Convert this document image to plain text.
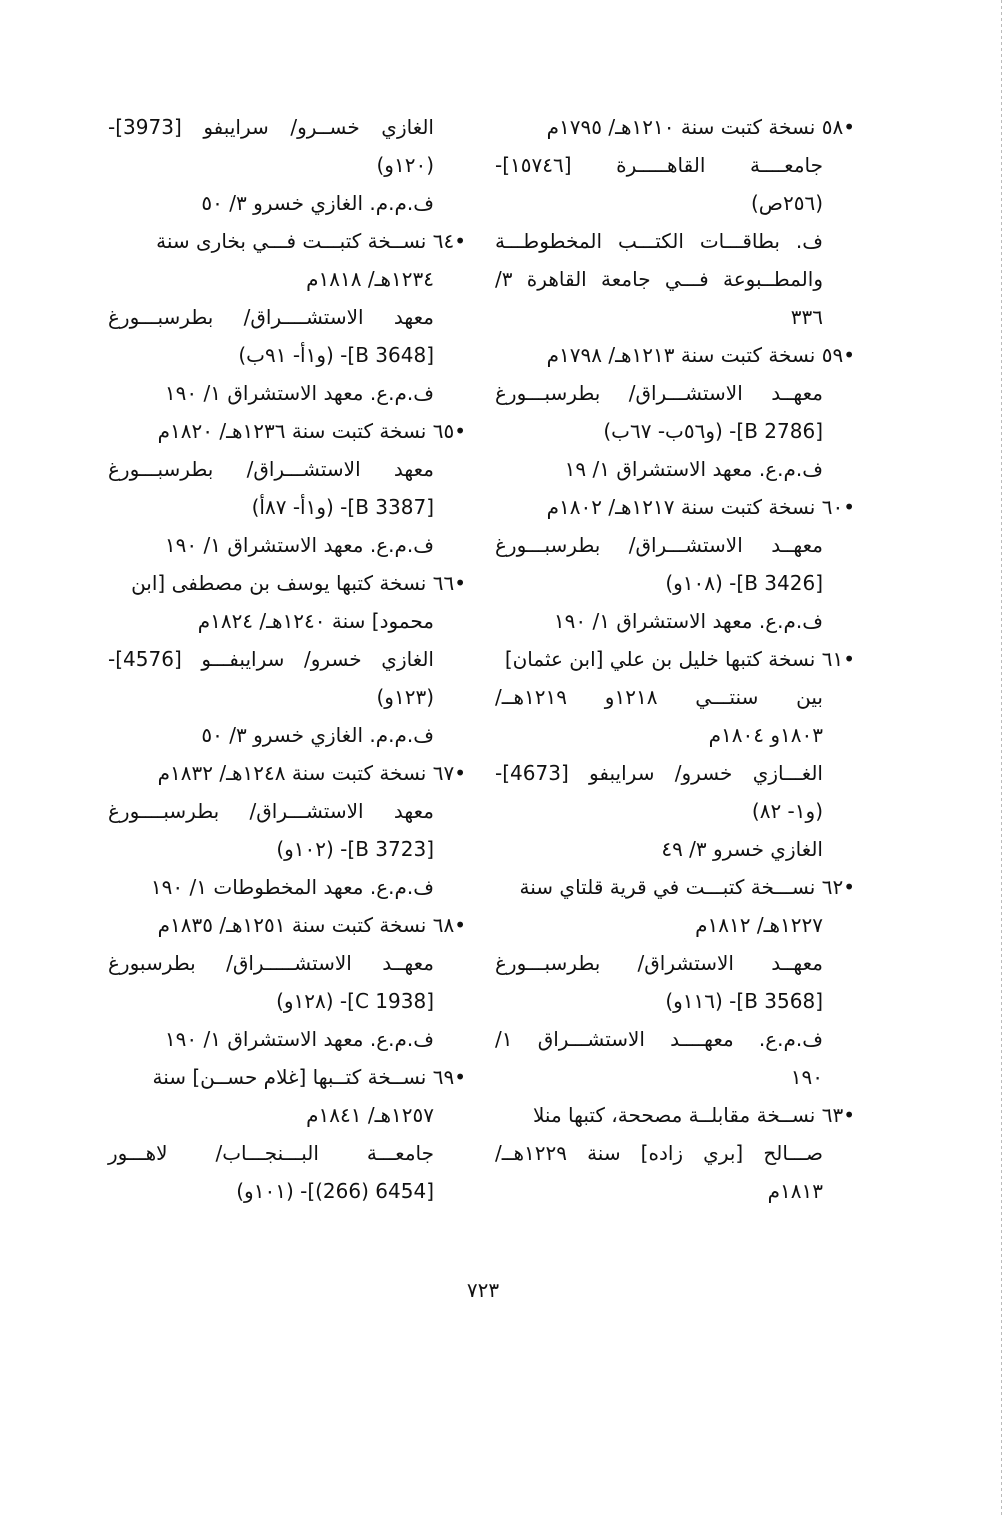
•٥٨ نسخة كتبت سنة ١٢١٠هـ/ ١٧٩٥م
جامعــــة القاهـــــرة [١٥٧٤٦]-
(٢٥٦ص)
ف. بطاقـــات الكتـــب المخطوطـــة
والمطــبوعة فـــي جامعة القاهرة ٣/
٣٣٦
•٥٩ نسخة كتبت سنة ١٢١٣هـ/ ١٧٩٨م
معهــد الاستشـــراق/ بطرسبـــورغ
[B 2786]- (و٥٦ب- ٦٧ب)
ف.م.ع. معهد الاستشراق ١/ ١٩
•٦٠ نسخة كتبت سنة ١٢١٧هـ/ ١٨٠٢م
معهــد الاستشـــراق/ بطرسبـــورغ
[B 3426]- (١٠٨و)
ف.م.ع. معهد الاستشراق ١/ ١٩٠
•٦١ نسخة كتبها خليل بن علي [ابن عثمان]
بين سنتـــي ١٢١٨و ١٢١٩هــ/
١٨٠٣و ١٨٠٤م
الغـــازي خسرو/ سرايبفو [4673]-
(و١- ٨٢)
الغازي خسرو ٣/ ٤٩
•٦٢ نســـخة كتبـــت في قرية قلتاي سنة
١٢٢٧هـ/ ١٨١٢م
معهــد الاستشراق/ بطرسبـــورغ
[B 3568]- (١١٦و)
ف.م.ع. معهــــد الاستشـــراق ١/
١٩٠
•٦٣ نســخة مقابلــة مصححة، كتبها منلا
صـــالح [بري زاده] سنة ١٢٢٩هــ/
١٨١٣م
الغازي خســرو/ سرايبفو [3973]-
(١٢٠و)
ف.م.م. الغازي خسرو ٣/ ٥٠
•٦٤ نســخة كتبـــت فـــي بخارى سنة
١٢٣٤هـ/ ١٨١٨م
معهد الاستشــــراق/ بطرسبـــورغ
[B 3648]- (و١أ- ٩١ب)
ف.م.ع. معهد الاستشراق ١/ ١٩٠
•٦٥ نسخة كتبت سنة ١٢٣٦هـ/ ١٨٢٠م
معهد الاستشـــراق/ بطرسبـــورغ
[B 3387]- (و١أ- ٨٧أ)
ف.م.ع. معهد الاستشراق ١/ ١٩٠
•٦٦ نسخة كتبها يوسف بن مصطفى [ابن
محمود] سنة ١٢٤٠هـ/ ١٨٢٤م
الغازي خسرو/ سرايبفـــو [4576]-
(١٢٣و)
ف.م.م. الغازي خسرو ٣/ ٥٠
•٦٧ نسخة كتبت سنة ١٢٤٨هـ/ ١٨٣٢م
معهد الاستشـــراق/ بطرسبــــورغ
[B 3723]- (١٠٢و)
ف.م.ع. معهد المخطوطات ١/ ١٩٠
•٦٨ نسخة كتبت سنة ١٢٥١هـ/ ١٨٣٥م
معهــد الاستشـــــراق/ بطرسبورغ
[C 1938]- (١٢٨و)
ف.م.ع. معهد الاستشراق ١/ ١٩٠
•٦٩ نســخة كتــبها [غلام حســن] سنة
١٢٥٧هـ/ ١٨٤١م
جامعـــة البـــنجـــاب/ لاهـــور
[6454 (266)]- (١٠١و)
٧٢٣
